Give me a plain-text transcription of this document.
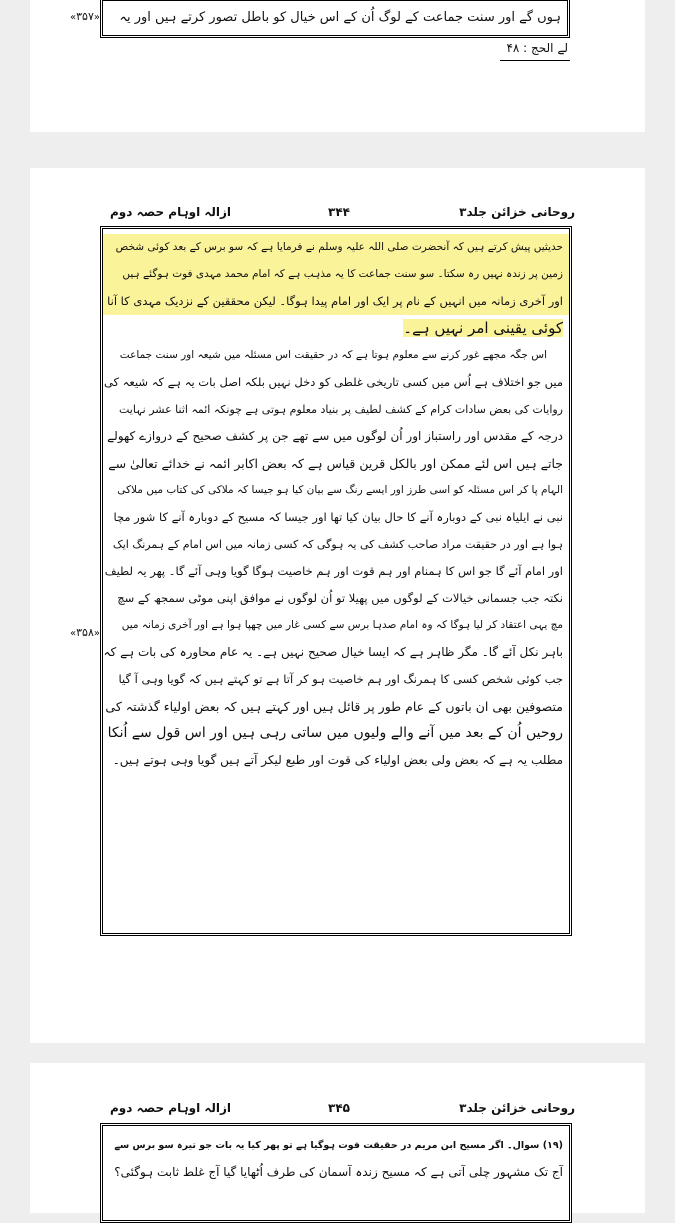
ہوں گے اور سنت جماعت کے لوگ اُن کے اس خیال کو باطل تصور کرتے ہیں اور یہ
«۳۵۷»
لے الحج : ۴۸
روحانی خزائن جلد۳
۳۴۴
ازالہ اوہام حصہ دوم
حدیثیں پیش کرتے ہیں کہ آنحضرت صلی اللہ علیہ وسلم نے فرمایا ہے کہ سو برس کے بعد کوئی شخص
زمین پر زندہ نہیں رہ سکتا۔ سو سنت جماعت کا یہ مذہب ہے کہ امام محمد مہدی فوت ہوگئے ہیں
اور آخری زمانہ میں انہیں کے نام پر ایک اور امام پیدا ہوگا۔ لیکن محققین کے نزدیک مہدی کا آنا
کوئی یقینی امر نہیں ہے۔
اس جگہ مجھے غور کرنے سے معلوم ہوتا ہے کہ در حقیقت اس مسئلہ میں شیعہ اور سنت جماعت
میں جو اختلاف ہے اُس میں کسی تاریخی غلطی کو دخل نہیں بلکہ اصل بات یہ ہے کہ شیعہ کی
روایات کی بعض سادات کرام کے کشف لطیف پر بنیاد معلوم ہوتی ہے چونکہ ائمہ اثنا عشر نہایت
درجہ کے مقدس اور راستباز اور اُن لوگوں میں سے تھے جن پر کشف صحیح کے دروازے کھولے
جاتے ہیں اس لئے ممکن اور بالکل قرین قیاس ہے کہ بعض اکابر ائمہ نے خدائے تعالیٰ سے
الہام پا کر اس مسئلہ کو اسی طرز اور ایسے رنگ سے بیان کیا ہو جیسا کہ ملاکی کی کتاب میں ملاکی
نبی نے ایلیاہ نبی کے دوبارہ آنے کا حال بیان کیا تھا اور جیسا کہ مسیح کے دوبارہ آنے کا شور مچا
ہوا ہے اور در حقیقت مراد صاحب کشف کی یہ ہوگی کہ کسی زمانہ میں اس امام کے ہمرنگ ایک
اور امام آئے گا جو اس کا ہمنام اور ہم قوت اور ہم خاصیت ہوگا گویا وہی آئے گا۔ پھر یہ لطیف
نکتہ جب جسمانی خیالات کے لوگوں میں پھیلا تو اُن لوگوں نے موافق اپنی موٹی سمجھ کے سچ
مچ یہی اعتقاد کر لیا ہوگا کہ وہ امام صدہا برس سے کسی غار میں چھپا ہوا ہے اور آخری زمانہ میں
باہر نکل آئے گا۔ مگر ظاہر ہے کہ ایسا خیال صحیح نہیں ہے۔ یہ عام محاورہ کی بات ہے کہ
جب کوئی شخص کسی کا ہمرنگ اور ہم خاصیت ہو کر آتا ہے تو کہتے ہیں کہ گویا وہی آ گیا
متصوفین بھی ان باتوں کے عام طور پر قائل ہیں اور کہتے ہیں کہ بعض اولیاء گذشتہ کی
روحیں اُن کے بعد میں آنے والے ولیوں میں ساتی رہی ہیں اور اس قول سے اُنکا
مطلب یہ ہے کہ بعض ولی بعض اولیاء کی قوت اور طبع لیکر آتے ہیں گویا وہی ہوتے ہیں۔
«۳۵۸»
روحانی خزائن جلد۳
۳۴۵
ازالہ اوہام حصہ دوم
(۱۹) سوال۔ اگر مسیح ابن مریم در حقیقت فوت ہوگیا ہے تو پھر کیا یہ بات جو تیرہ سو برس سے
آج تک مشہور چلی آتی ہے کہ مسیح زندہ آسمان کی طرف اُٹھایا گیا آج غلط ثابت ہوگئی؟
